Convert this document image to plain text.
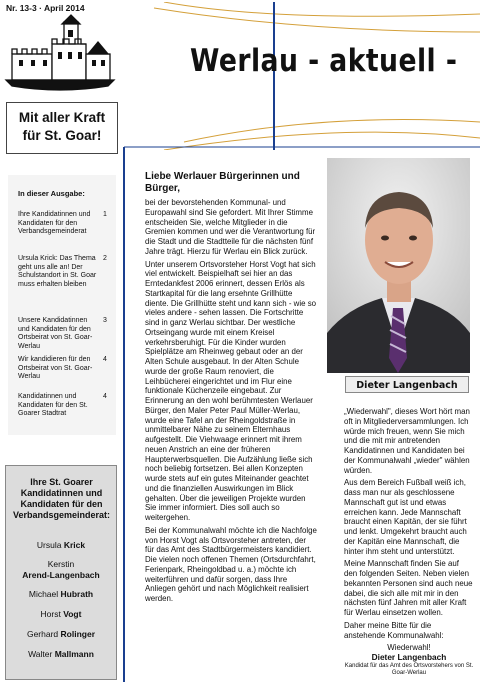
Nr. 13-3 · April 2014
Werlau - aktuell -
Mit aller Kraft
für St. Goar!
In dieser Ausgabe:
Ihre Kandidatinnen und Kandidaten für den Verbandsgemeinderat
1
Ursula Krick: Das Thema geht uns alle an! Der Schulstandort in St. Goar muss erhalten bleiben
2
Unsere Kandidatinnen und Kandidaten für den Ortsbeirat von St. Goar-Werlau
3
Wir kandidieren für den Ortsbeirat von St. Goar-Werlau
4
Kandidatinnen und Kandidaten für den St. Goarer Stadtrat
4
Ihre St. Goarer Kandidatinnen und Kandidaten für den Verbandsgemeinderat:
Ursula Krick
Kerstin
Arend-Langenbach
Michael Hubrath
Horst Vogt
Gerhard Rolinger
Walter Mallmann
Liebe Werlauer Bürgerinnen und Bürger,

bei der bevorstehenden Kommunal- und Europawahl sind Sie gefordert. Mit Ihrer Stimme entscheiden Sie, welche Mitglieder in die Gremien kommen und wer die Verantwortung für die Stadt und die Stadtteile für die nächsten fünf Jahre trägt. Hierzu für Werlau ein Blick zurück.

Unter unserem Ortsvorsteher Horst Vogt hat sich viel entwickelt. Beispielhaft sei hier an das Erntedankfest 2006 erinnert, dessen Erlös als Startkapital für die lang ersehnte Grillhütte diente. Die Grillhütte steht und kann sich - wie so vieles andere - sehen lassen. Die Fortschritte sind in ganz Werlau sichtbar. Der westliche Ortseingang wurde mit einem Kreisel verkehrsberuhigt. Für die Kinder wurden Spielplätze am Rheinweg gebaut oder an der Alten Schule ausgebaut. In der Alten Schule wurde der große Raum renoviert, die Leihbücherei eingerichtet und im Flur eine funktionale Küchenzeile eingebaut. Zur Erinnerung an den wohl berühmtesten Werlauer Bürger, den Maler Peter Paul Müller-Werlau, wurde eine Tafel an der Rheingoldstraße in unmittelbarer Nähe zu seinem Elternhaus aufgestellt. Die Viehwaage erinnert mit ihrem neuen Anstrich an eine der früheren Haupterwerbsquellen. Die Aufzählung ließe sich noch beliebig fortsetzen. Bei allen Konzepten wurde stets auf ein gutes Miteinander geachtet und die finanziellen Auswirkungen im Blick gehalten. Über die jeweiligen Projekte wurden Sie immer informiert. Dies soll auch so weitergehen.

Bei der Kommunalwahl möchte ich die Nachfolge von Horst Vogt als Ortsvorsteher antreten, der für das Amt des Stadtbürgermeisters kandidiert. Die vielen noch offenen Themen (Ortsdurchfahrt, Ferienpark, Rheingoldbad u. a.) möchte ich weiterführen und dafür sorgen, dass Ihre Anliegen gehört und nach Möglichkeit realisiert werden.

Dieter Langenbach

„Wiederwahl", dieses Wort hört man oft in Mitgliederversammlungen. Ich würde mich freuen, wenn Sie mich und die mit mir antretenden Kandidatinnen und Kandidaten bei der Kommunalwahl „wieder" wählen würden.

Aus dem Bereich Fußball weiß ich, dass man nur als geschlossene Mannschaft gut ist und etwas erreichen kann. Jede Mannschaft braucht einen Kapitän, der sie führt und lenkt. Umgekehrt braucht auch der Kapitän eine Mannschaft, die hinter ihm steht und unterstützt.

Meine Mannschaft finden Sie auf den folgenden Seiten. Neben vielen bekannten Personen sind auch neue dabei, die sich alle mit mir in den nächsten fünf Jahren mit aller Kraft für Werlau einsetzen wollen.

Daher meine Bitte für die anstehende Kommunalwahl:

Wiederwahl!
Dieter Langenbach
Kandidat für das Amt des Ortsvorstehers von St. Goar-Werlau
